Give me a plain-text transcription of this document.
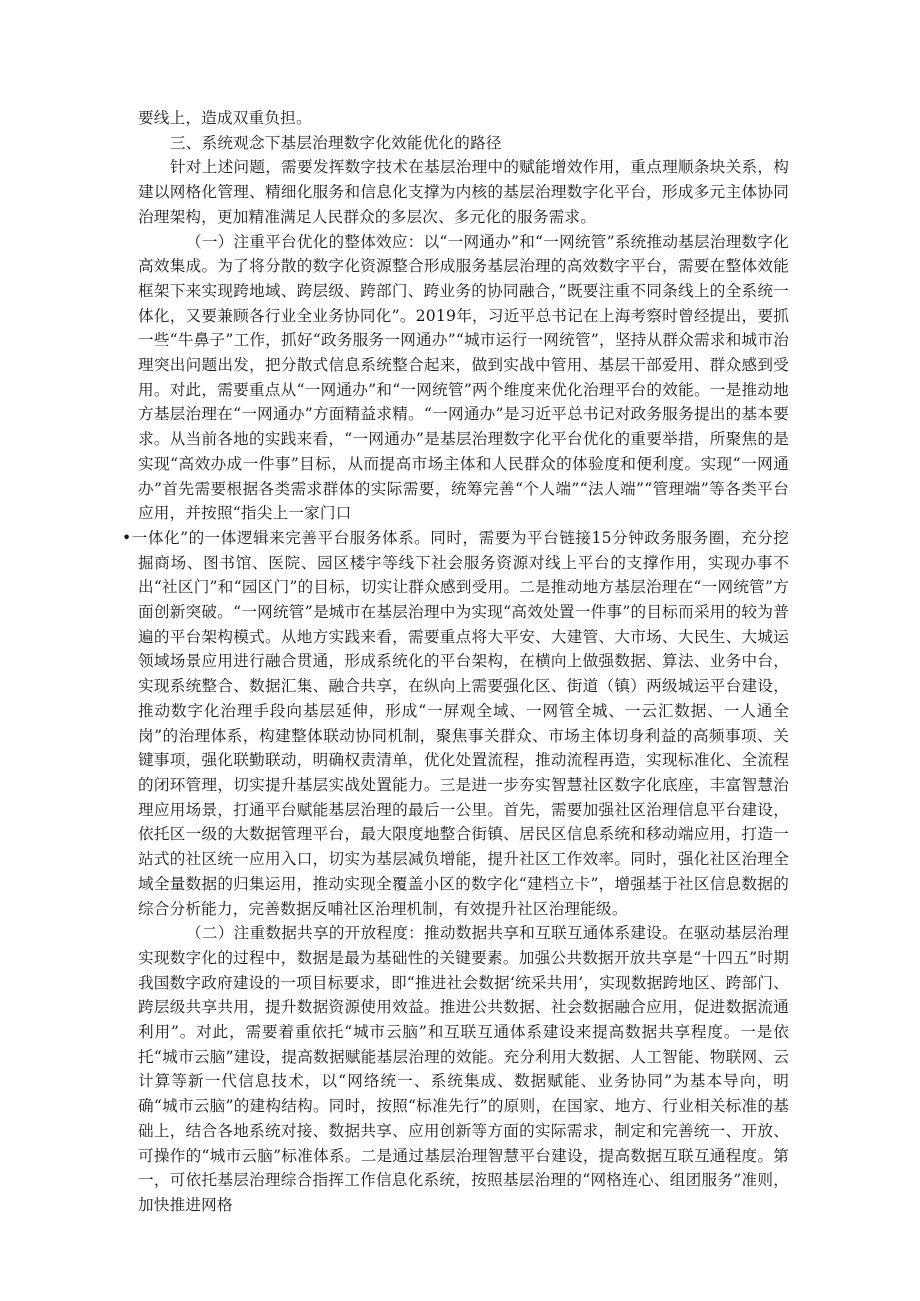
要线上，造成双重负担。

三、系统观念下基层治理数字化效能优化的路径

针对上述问题，需要发挥数字技术在基层治理中的赋能增效作用，重点理顺条块关系，构建以网格化管理、精细化服务和信息化支撑为内核的基层治理数字化平台，形成多元主体协同治理架构，更加精准满足人民群众的多层次、多元化的服务需求。

（一）注重平台优化的整体效应：以“一网通办”和“一网统管”系统推动基层治理数字化高效集成。为了将分散的数字化资源整合形成服务基层治理的高效数字平台，需要在整体效能框架下来实现跨地域、跨层级、跨部门、跨业务的协同融合，”既要注重不同条线上的全系统一体化，又要兼顾各行业全业务协同化”。2019年，习近平总书记在上海考察时曾经提出，要抓一些“牛鼻子”工作，抓好“政务服务一网通办”“城市运行一网统管”，坚持从群众需求和城市治理突出问题出发，把分散式信息系统整合起来，做到实战中管用、基层干部爱用、群众感到受用。对此，需要重点从“一网通办”和“一网统管”两个维度来优化治理平台的效能。一是推动地方基层治理在“一网通办”方面精益求精。“一网通办”是习近平总书记对政务服务提出的基本要求。从当前各地的实践来看，“一网通办”是基层治理数字化平台优化的重要举措，所聚焦的是实现“高效办成一件事”目标，从而提高市场主体和人民群众的体验度和便利度。实现“一网通办”首先需要根据各类需求群体的实际需要，统筹完善“个人端”“法人端”“管理端”等各类平台应用，并按照“指尖上一家门口

•一体化”的一体逻辑来完善平台服务体系。同时，需要为平台链接15分钟政务服务圈，充分挖掘商场、图书馆、医院、园区楼宇等线下社会服务资源对线上平台的支撑作用，实现办事不出“社区门”和“园区门”的目标，切实让群众感到受用。二是推动地方基层治理在“一网统管”方面创新突破。“一网统管”是城市在基层治理中为实现“高效处置一件事”的目标而采用的较为普遍的平台架构模式。从地方实践来看，需要重点将大平安、大建管、大市场、大民生、大城运领域场景应用进行融合贯通，形成系统化的平台架构，在横向上做强数据、算法、业务中台，实现系统整合、数据汇集、融合共享，在纵向上需要强化区、街道（镇）两级城运平台建设，推动数字化治理手段向基层延伸，形成“一屏观全域、一网管全城、一云汇数据、一人通全岗”的治理体系，构建整体联动协同机制，聚焦事关群众、市场主体切身利益的高频事项、关键事项，强化联勤联动，明确权责清单，优化处置流程，推动流程再造，实现标准化、全流程的闭环管理，切实提升基层实战处置能力。三是进一步夯实智慧社区数字化底座，丰富智慧治理应用场景，打通平台赋能基层治理的最后一公里。首先，需要加强社区治理信息平台建设，依托区一级的大数据管理平台，最大限度地整合街镇、居民区信息系统和移动端应用，打造一站式的社区统一应用入口，切实为基层减负增能，提升社区工作效率。同时，强化社区治理全域全量数据的归集运用，推动实现全覆盖小区的数字化“建档立卡”，增强基于社区信息数据的综合分析能力，完善数据反哺社区治理机制，有效提升社区治理能级。

（二）注重数据共享的开放程度：推动数据共享和互联互通体系建设。在驱动基层治理实现数字化的过程中，数据是最为基础性的关键要素。加强公共数据开放共享是“十四五”时期我国数字政府建设的一项目标要求，即“推进社会数据‘统采共用’，实现数据跨地区、跨部门、跨层级共享共用，提升数据资源使用效益。推进公共数据、社会数据融合应用，促进数据流通利用”。对此，需要着重依托“城市云脑”和互联互通体系建设来提高数据共享程度。一是依托“城市云脑”建设，提高数据赋能基层治理的效能。充分利用大数据、人工智能、物联网、云计算等新一代信息技术，以“网络统一、系统集成、数据赋能、业务协同”为基本导向，明确“城市云脑”的建构结构。同时，按照“标准先行”的原则，在国家、地方、行业相关标准的基础上，结合各地系统对接、数据共享、应用创新等方面的实际需求，制定和完善统一、开放、可操作的“城市云脑”标准体系。二是通过基层治理智慧平台建设，提高数据互联互通程度。第一，可依托基层治理综合指挥工作信息化系统，按照基层治理的“网格连心、组团服务”准则，加快推进网格
